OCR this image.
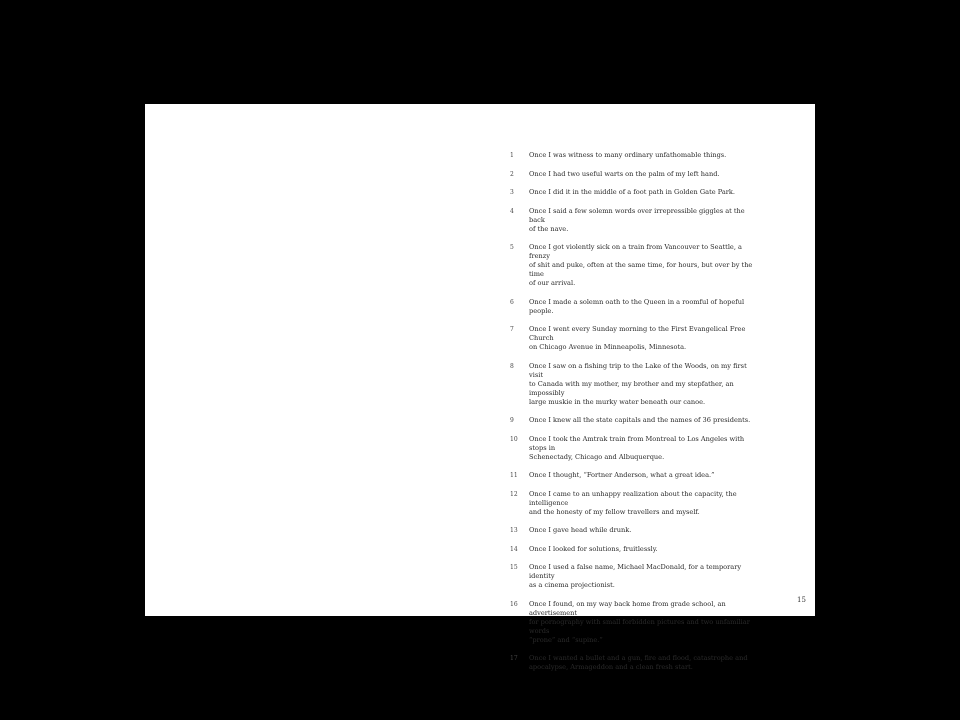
1	Once I was witness to many ordinary unfathomable things.
2	Once I had two useful warts on the palm of my left hand.
3	Once I did it in the middle of a foot path in Golden Gate Park.
4	Once I said a few solemn words over irrepressible giggles at the back
of the nave.
5	Once I got violently sick on a train from Vancouver to Seattle, a frenzy
of shit and puke, often at the same time, for hours, but over by the time
of our arrival.
6	Once I made a solemn oath to the Queen in a roomful of hopeful people.
7	Once I went every Sunday morning to the First Evangelical Free Church
on Chicago Avenue in Minneapolis, Minnesota.
8	Once I saw on a fishing trip to the Lake of the Woods, on my first visit
to Canada with my mother, my brother and my stepfather, an impossibly
large muskie in the murky water beneath our canoe.
9	Once I knew all the state capitals and the names of 36 presidents.
10	Once I took the Amtrak train from Montreal to Los Angeles with stops in
Schenectady, Chicago and Albuquerque.
11	Once I thought, “Fortner Anderson, what a great idea.”
12	Once I came to an unhappy realization about the capacity, the intelligence
and the honesty of my fellow travellers and myself.
13	Once I gave head while drunk.
14	Once I looked for solutions, fruitlessly.
15	Once I used a false name, Michael MacDonald, for a temporary identity
as a cinema projectionist.
16	Once I found, on my way back home from grade school, an advertisement
for pornography with small forbidden pictures and two unfamiliar words
“prone” and “supine.”
17	Once I wanted a bullet and a gun, fire and flood, catastrophe and
apocalypse, Armageddon and a clean fresh start.
15
